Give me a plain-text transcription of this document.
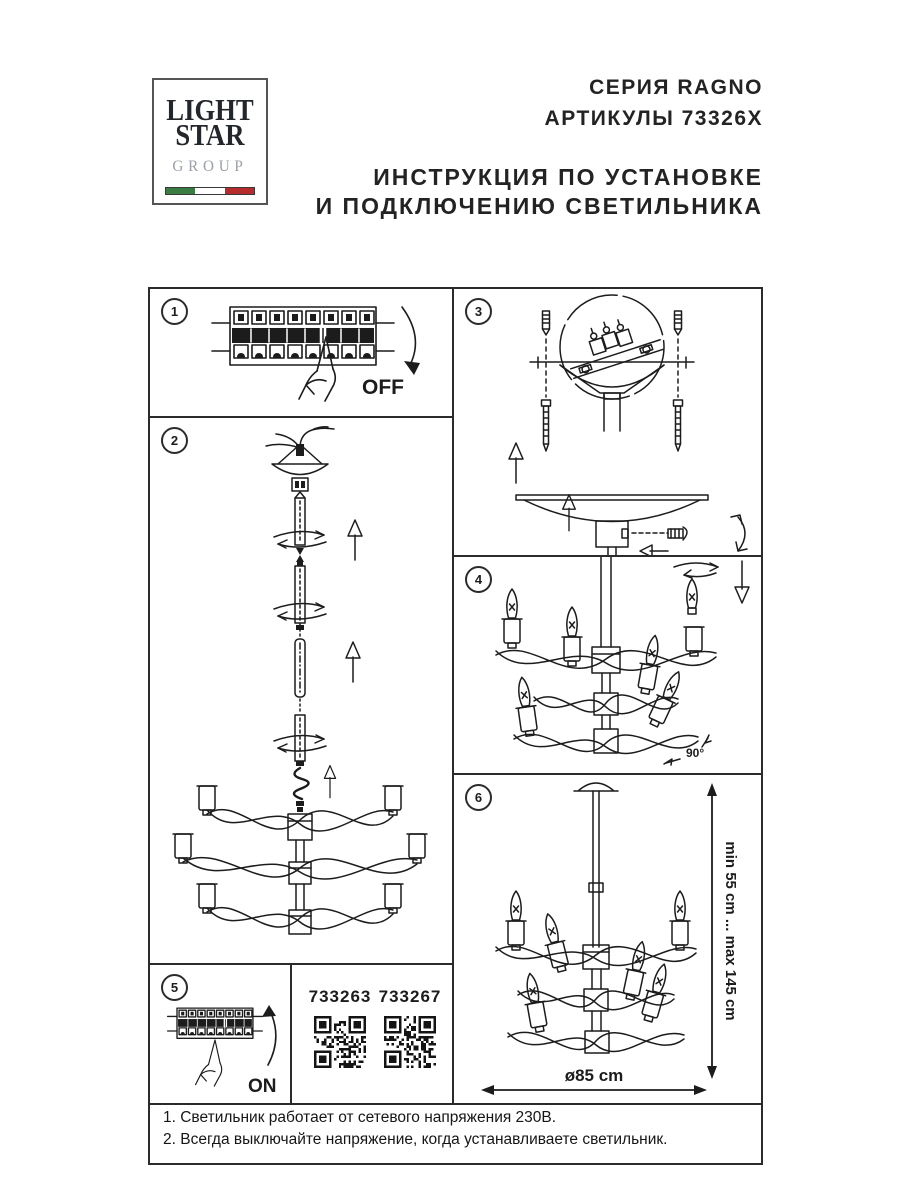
LIGHT
STAR
GROUP
СЕРИЯ RAGNO
АРТИКУЛЫ 73326X
ИНСТРУКЦИЯ ПО УСТАНОВКЕ
И ПОДКЛЮЧЕНИЮ СВЕТИЛЬНИКА
1
OFF
2
3
4
90°
6
min 55 cm ... max 145 cm
ø85 cm
5
ON
733263 733267
1. Светильник работает от сетевого напряжения 230В.
2. Всегда выключайте напряжение, когда устанавливаете светильник.
